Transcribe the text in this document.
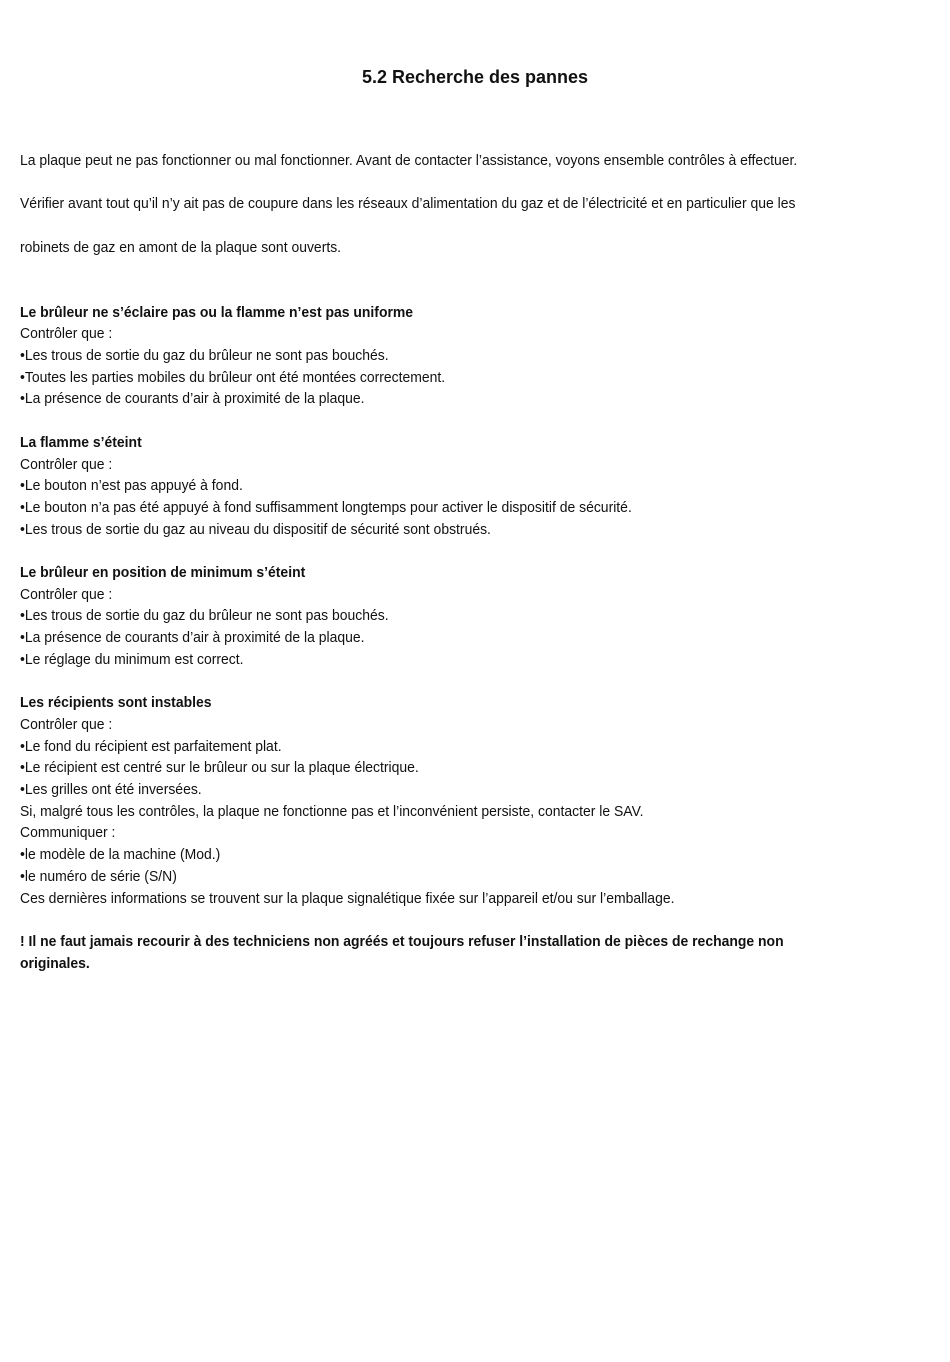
5.2 Recherche des pannes

La plaque peut ne pas fonctionner ou mal fonctionner. Avant de contacter l’assistance, voyons ensemble contrôles à effectuer.

Vérifier avant tout qu’il n’y ait pas de coupure dans les réseaux d’alimentation du gaz et de l’électricité et en particulier que les

robinets de gaz en amont de la plaque sont ouverts.

Le brûleur ne s’éclaire pas ou la flamme n’est pas uniforme
Contrôler que :
•Les trous de sortie du gaz du brûleur ne sont pas bouchés.
•Toutes les parties mobiles du brûleur ont été montées correctement.
•La présence de courants d’air à proximité de la plaque.
La flamme s’éteint
Contrôler que :
•Le bouton n’est pas appuyé à fond.
•Le bouton n’a pas été appuyé à fond suffisamment longtemps pour activer le dispositif de sécurité.
•Les trous de sortie du gaz au niveau du dispositif de sécurité sont obstrués.
Le brûleur en position de minimum s’éteint
Contrôler que :
•Les trous de sortie du gaz du brûleur ne sont pas bouchés.
•La présence de courants d’air à proximité de la plaque.
•Le réglage du minimum est correct.
Les récipients sont instables
Contrôler que :
•Le fond du récipient est parfaitement plat.
•Le récipient est centré sur le brûleur ou sur la plaque électrique.
•Les grilles ont été inversées.
Si, malgré tous les contrôles, la plaque ne fonctionne pas et l’inconvénient persiste, contacter le SAV.
Communiquer :
•le modèle de la machine (Mod.)
•le numéro de série (S/N)
Ces dernières informations se trouvent sur la plaque signalétique fixée sur l’appareil et/ou sur l’emballage.
! Il ne faut jamais recourir à des techniciens non agréés et toujours refuser l’installation de pièces de rechange non
originales.
